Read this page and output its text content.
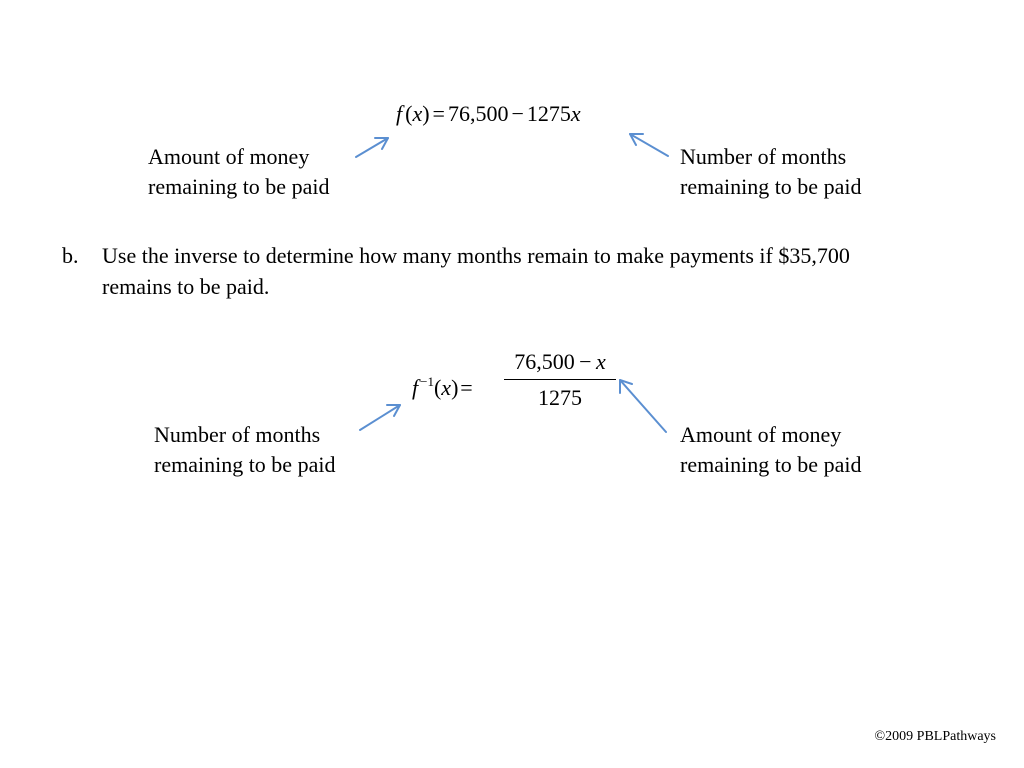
f (x) = 76,500 − 1275x
Amount of money
remaining to be paid
Number of months
remaining to be paid
b. Use the inverse to determine how many months remain to make payments if $35,700 remains to be paid.
f $^{-1}$(x) = $\frac{76,500 - x}{1275}$
Number of months
remaining to be paid
Amount of money
remaining to be paid
©2009 PBLPathways
